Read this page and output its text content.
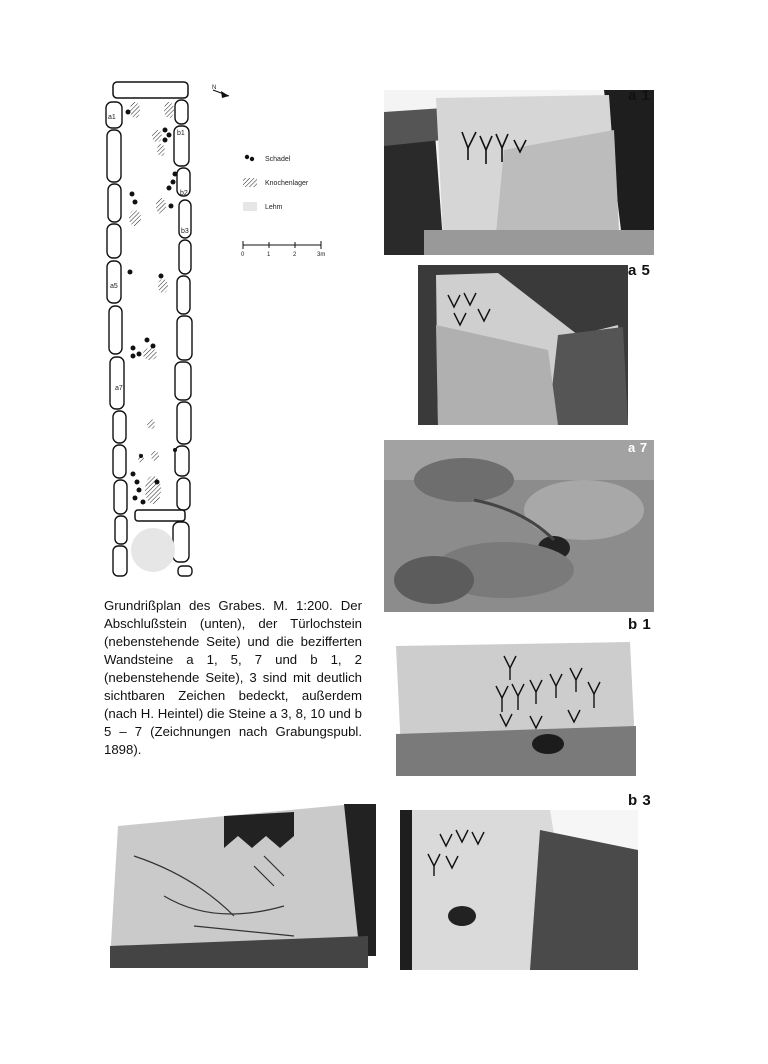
a1
b1
b2
b3
a5
a7
N
Schadel
Knochenlager
Lehm
0	1	2	3m
a 1
a 5
a 7
b 1
b 3

Grundrißplan des Grabes. M. 1:200. Der Abschlußstein (unten), der Türlochstein (nebenstehende Seite) und die bezifferten Wandsteine a 1, 5, 7 und b 1, 2 (nebenstehende Seite), 3 sind mit deutlich sichtbaren Zeichen bedeckt, außerdem (nach H. Heintel) die Steine a 3, 8, 10 und b 5 – 7 (Zeichnungen nach Grabungspubl. 1898).
